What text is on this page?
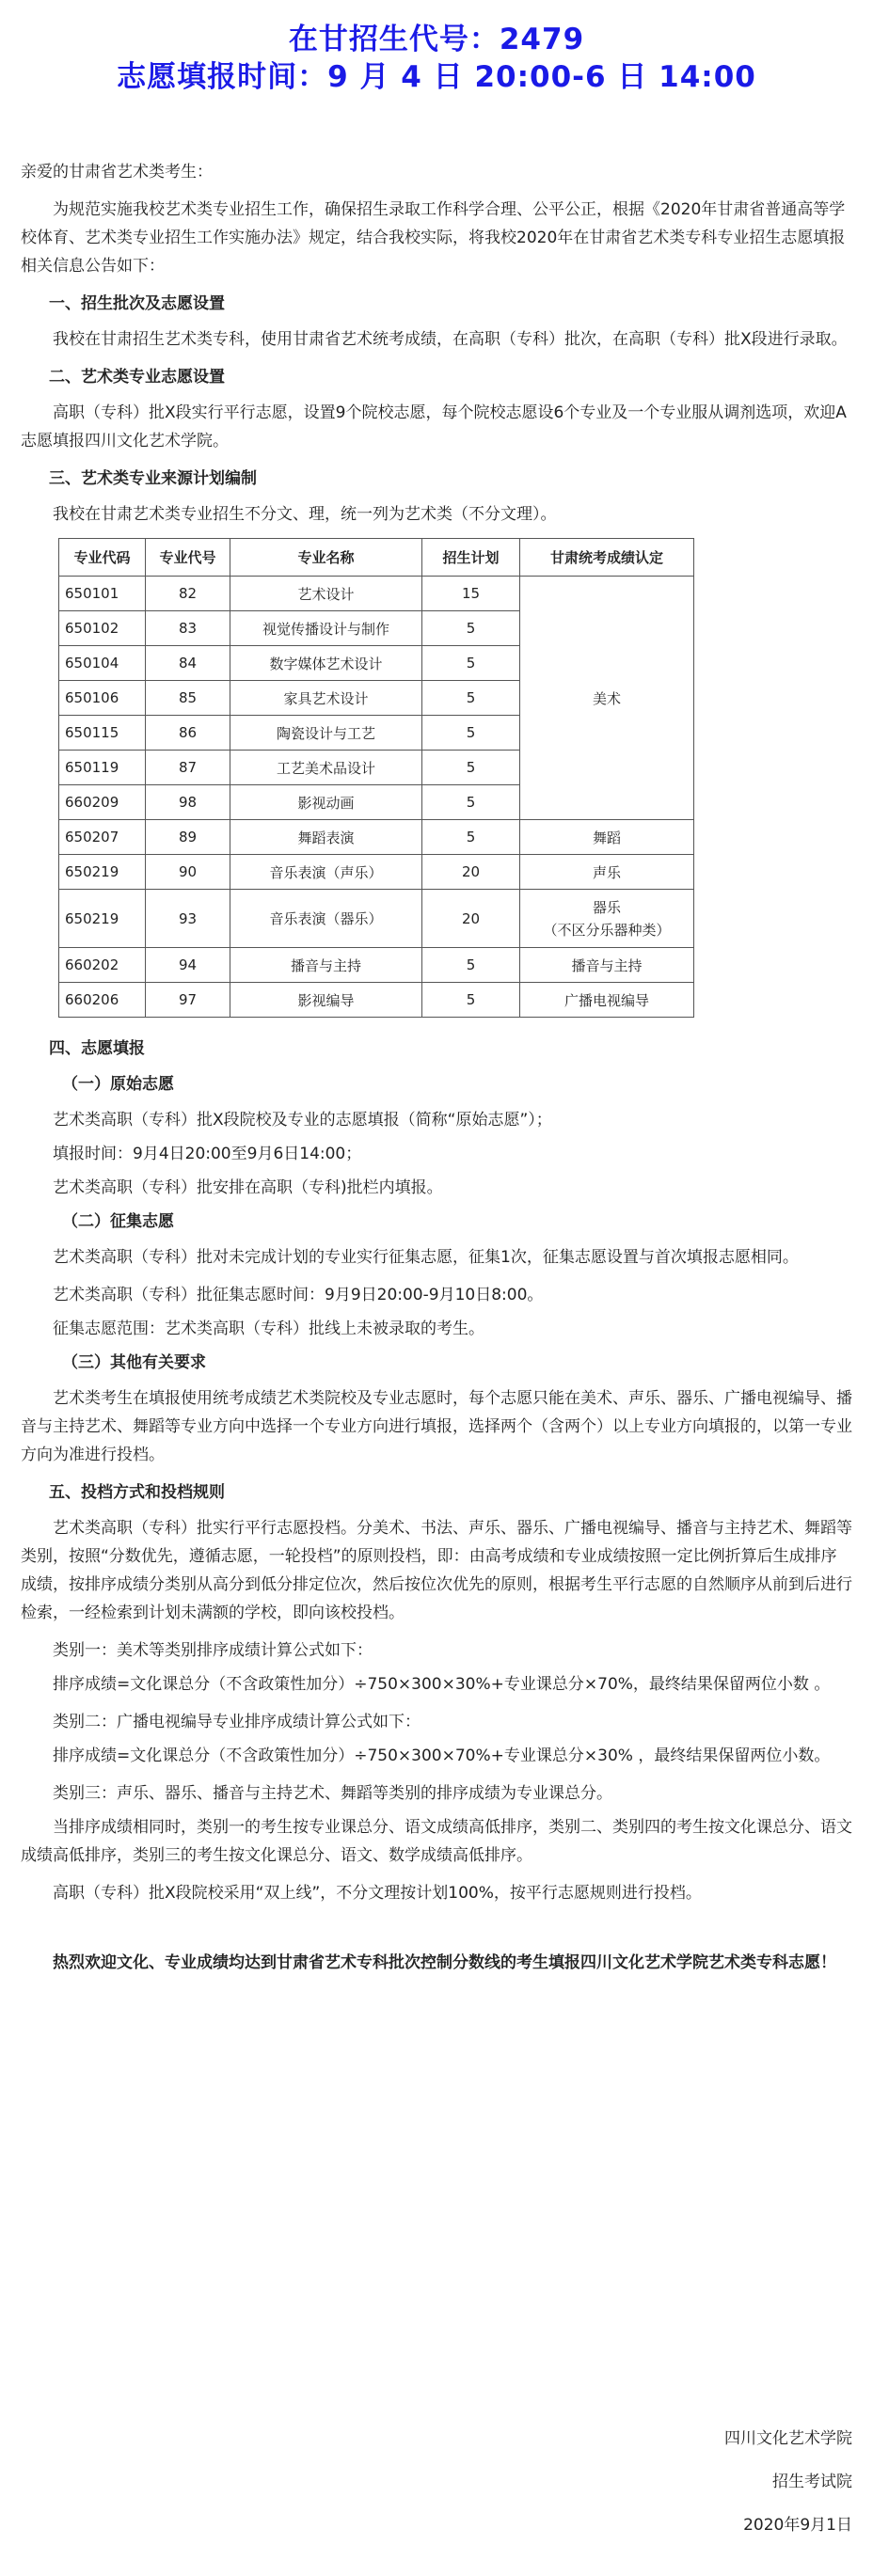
在甘招生代号：2479
志愿填报时间：9 月 4 日 20:00-6 日 14:00

亲爱的甘肃省艺术类考生：

为规范实施我校艺术类专业招生工作，确保招生录取工作科学合理、公平公正，根据《2020年甘肃省普通高等学校体育、艺术类专业招生工作实施办法》规定，结合我校实际，将我校2020年在甘肃省艺术类专科专业招生志愿填报相关信息公告如下：

一、招生批次及志愿设置

我校在甘肃招生艺术类专科，使用甘肃省艺术统考成绩，在高职（专科）批次，在高职（专科）批X段进行录取。

二、艺术类专业志愿设置

高职（专科）批X段实行平行志愿，设置9个院校志愿，每个院校志愿设6个专业及一个专业服从调剂选项，欢迎A志愿填报四川文化艺术学院。

三、艺术类专业来源计划编制

我校在甘肃艺术类专业招生不分文、理，统一列为艺术类（不分文理）。

专业代码	专业代号	专业名称	招生计划	甘肃统考成绩认定
650101	82	艺术设计	15	美术
650102	83	视觉传播设计与制作	5	
650104	84	数字媒体艺术设计	5	
650106	85	家具艺术设计	5	
650115	86	陶瓷设计与工艺	5	
650119	87	工艺美术品设计	5	
660209	98	影视动画	5	
650207	89	舞蹈表演	5	舞蹈
650219	90	音乐表演（声乐）	20	声乐
650219	93	音乐表演（器乐）	20	器乐
（不区分乐器种类）

660202	94	播音与主持	5	播音与主持
660206	97	影视编导	5	广播电视编导
四、志愿填报
（一）原始志愿

艺术类高职（专科）批X段院校及专业的志愿填报（简称“原始志愿”）；

填报时间：9月4日20:00至9月6日14:00；

艺术类高职（专科）批安排在高职（专科)批栏内填报。

（二）征集志愿

艺术类高职（专科）批对未完成计划的专业实行征集志愿，征集1次，征集志愿设置与首次填报志愿相同。

艺术类高职（专科）批征集志愿时间：9月9日20:00-9月10日8:00。

征集志愿范围：艺术类高职（专科）批线上未被录取的考生。

（三）其他有关要求

艺术类考生在填报使用统考成绩艺术类院校及专业志愿时，每个志愿只能在美术、声乐、器乐、广播电视编导、播音与主持艺术、舞蹈等专业方向中选择一个专业方向进行填报，选择两个（含两个）以上专业方向填报的，以第一专业方向为准进行投档。

五、投档方式和投档规则

艺术类高职（专科）批实行平行志愿投档。分美术、书法、声乐、器乐、广播电视编导、播音与主持艺术、舞蹈等类别，按照“分数优先，遵循志愿，一轮投档”的原则投档，即：由高考成绩和专业成绩按照一定比例折算后生成排序成绩，按排序成绩分类别从高分到低分排定位次，然后按位次优先的原则，根据考生平行志愿的自然顺序从前到后进行检索，一经检索到计划未满额的学校，即向该校投档。

类别一：美术等类别排序成绩计算公式如下：

排序成绩=文化课总分（不含政策性加分）÷750×300×30%+专业课总分×70%，最终结果保留两位小数 。

类别二：广播电视编导专业排序成绩计算公式如下：

排序成绩=文化课总分（不含政策性加分）÷750×300×70%+专业课总分×30% ，最终结果保留两位小数。

类别三：声乐、器乐、播音与主持艺术、舞蹈等类别的排序成绩为专业课总分。

当排序成绩相同时，类别一的考生按专业课总分、语文成绩高低排序，类别二、类别四的考生按文化课总分、语文成绩高低排序，类别三的考生按文化课总分、语文、数学成绩高低排序。

高职（专科）批X段院校采用“双上线”，不分文理按计划100%，按平行志愿规则进行投档。

热烈欢迎文化、专业成绩均达到甘肃省艺术专科批次控制分数线的考生填报四川文化艺术学院艺术类专科志愿！

四川文化艺术学院
招生考试院
2020年9月1日
